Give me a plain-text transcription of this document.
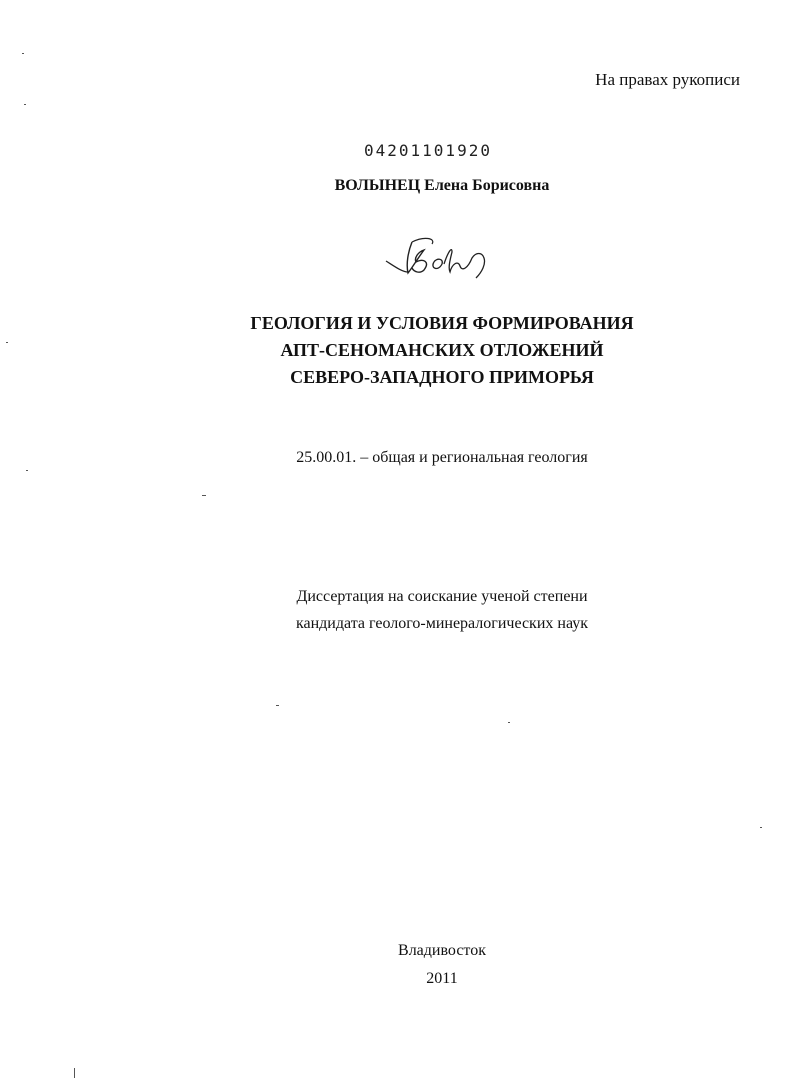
На правах рукописи
04201101920
ВОЛЫНЕЦ Елена Борисовна
ГЕОЛОГИЯ И УСЛОВИЯ ФОРМИРОВАНИЯ
АПТ-СЕНОМАНСКИХ ОТЛОЖЕНИЙ
СЕВЕРО-ЗАПАДНОГО ПРИМОРЬЯ
25.00.01. – общая и региональная геология
Диссертация на соискание ученой степени
кандидата геолого-минералогических наук
Владивосток
2011
